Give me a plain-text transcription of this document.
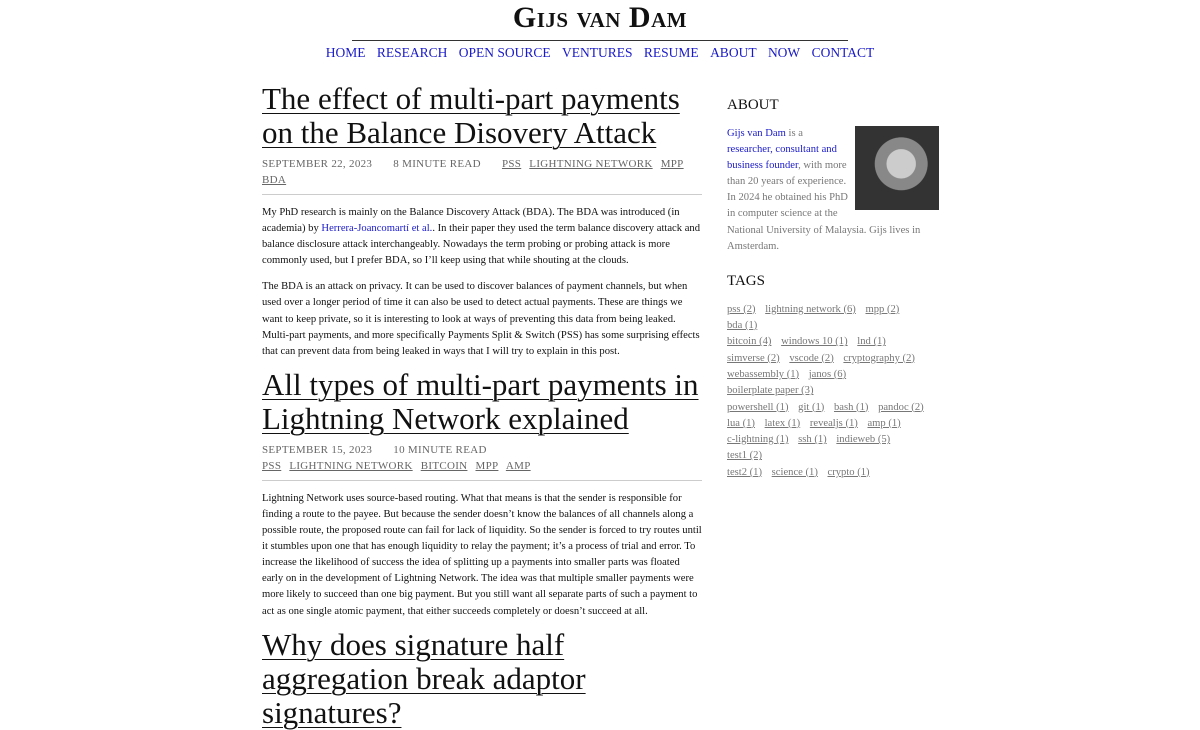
Gijs van Dam
HOME RESEARCH OPEN SOURCE VENTURES RESUME ABOUT NOW CONTACT
The effect of multi-part payments on the Balance Disovery Attack
SEPTEMBER 22, 2023 8 MINUTE READ PSS LIGHTNING NETWORK MPP BDA

My PhD research is mainly on the Balance Discovery Attack (BDA). The BDA was introduced (in academia) by Herrera-Joancomartí et al.. In their paper they used the term balance discovery attack and balance disclosure attack interchangeably. Nowadays the term probing or probing attack is more commonly used, but I prefer BDA, so I’ll keep using that while shouting at the clouds.

The BDA is an attack on privacy. It can be used to discover balances of payment channels, but when used over a longer period of time it can also be used to detect actual payments. These are things we want to keep private, so it is interesting to look at ways of preventing this data from being leaked. Multi-part payments, and more specifically Payments Split & Switch (PSS) has some surprising effects that can prevent data from being leaked in ways that I will try to explain in this post.

All types of multi-part payments in Lightning Network explained
SEPTEMBER 15, 2023 10 MINUTE READ
PSS LIGHTNING NETWORK BITCOIN MPP AMP

Lightning Network uses source-based routing. What that means is that the sender is responsible for finding a route to the payee. But because the sender doesn’t know the balances of all channels along a possible route, the proposed route can fail for lack of liquidity. So the sender is forced to try routes until it stumbles upon one that has enough liquidity to relay the payment; it’s a process of trial and error. To increase the likelihood of success the idea of splitting up a payments into smaller parts was floated early on in the development of Lightning Network. The idea was that multiple smaller payments were more likely to succeed than one big payment. But you still want all separate parts of such a payment to act as one single atomic payment, that either succeeds completely or doesn’t succeed at all.

Why does signature half aggregation break adaptor signatures?
ABOUT
Gijs van Dam is a researcher, consultant and business founder, with more than 20 years of experience. In 2024 he obtained his PhD in computer science at the National University of Malaysia. Gijs lives in Amsterdam.
TAGS
pss (2) lightning network (6) mpp (2) bda (1)
bitcoin (4) windows 10 (1) lnd (1)
simverse (2) vscode (2) cryptography (2)
webassembly (1) janos (6) boilerplate paper (3)
powershell (1) git (1) bash (1) pandoc (2)
lua (1) latex (1) revealjs (1) amp (1)
c-lightning (1) ssh (1) indieweb (5) test1 (2)
test2 (1) science (1) crypto (1)
